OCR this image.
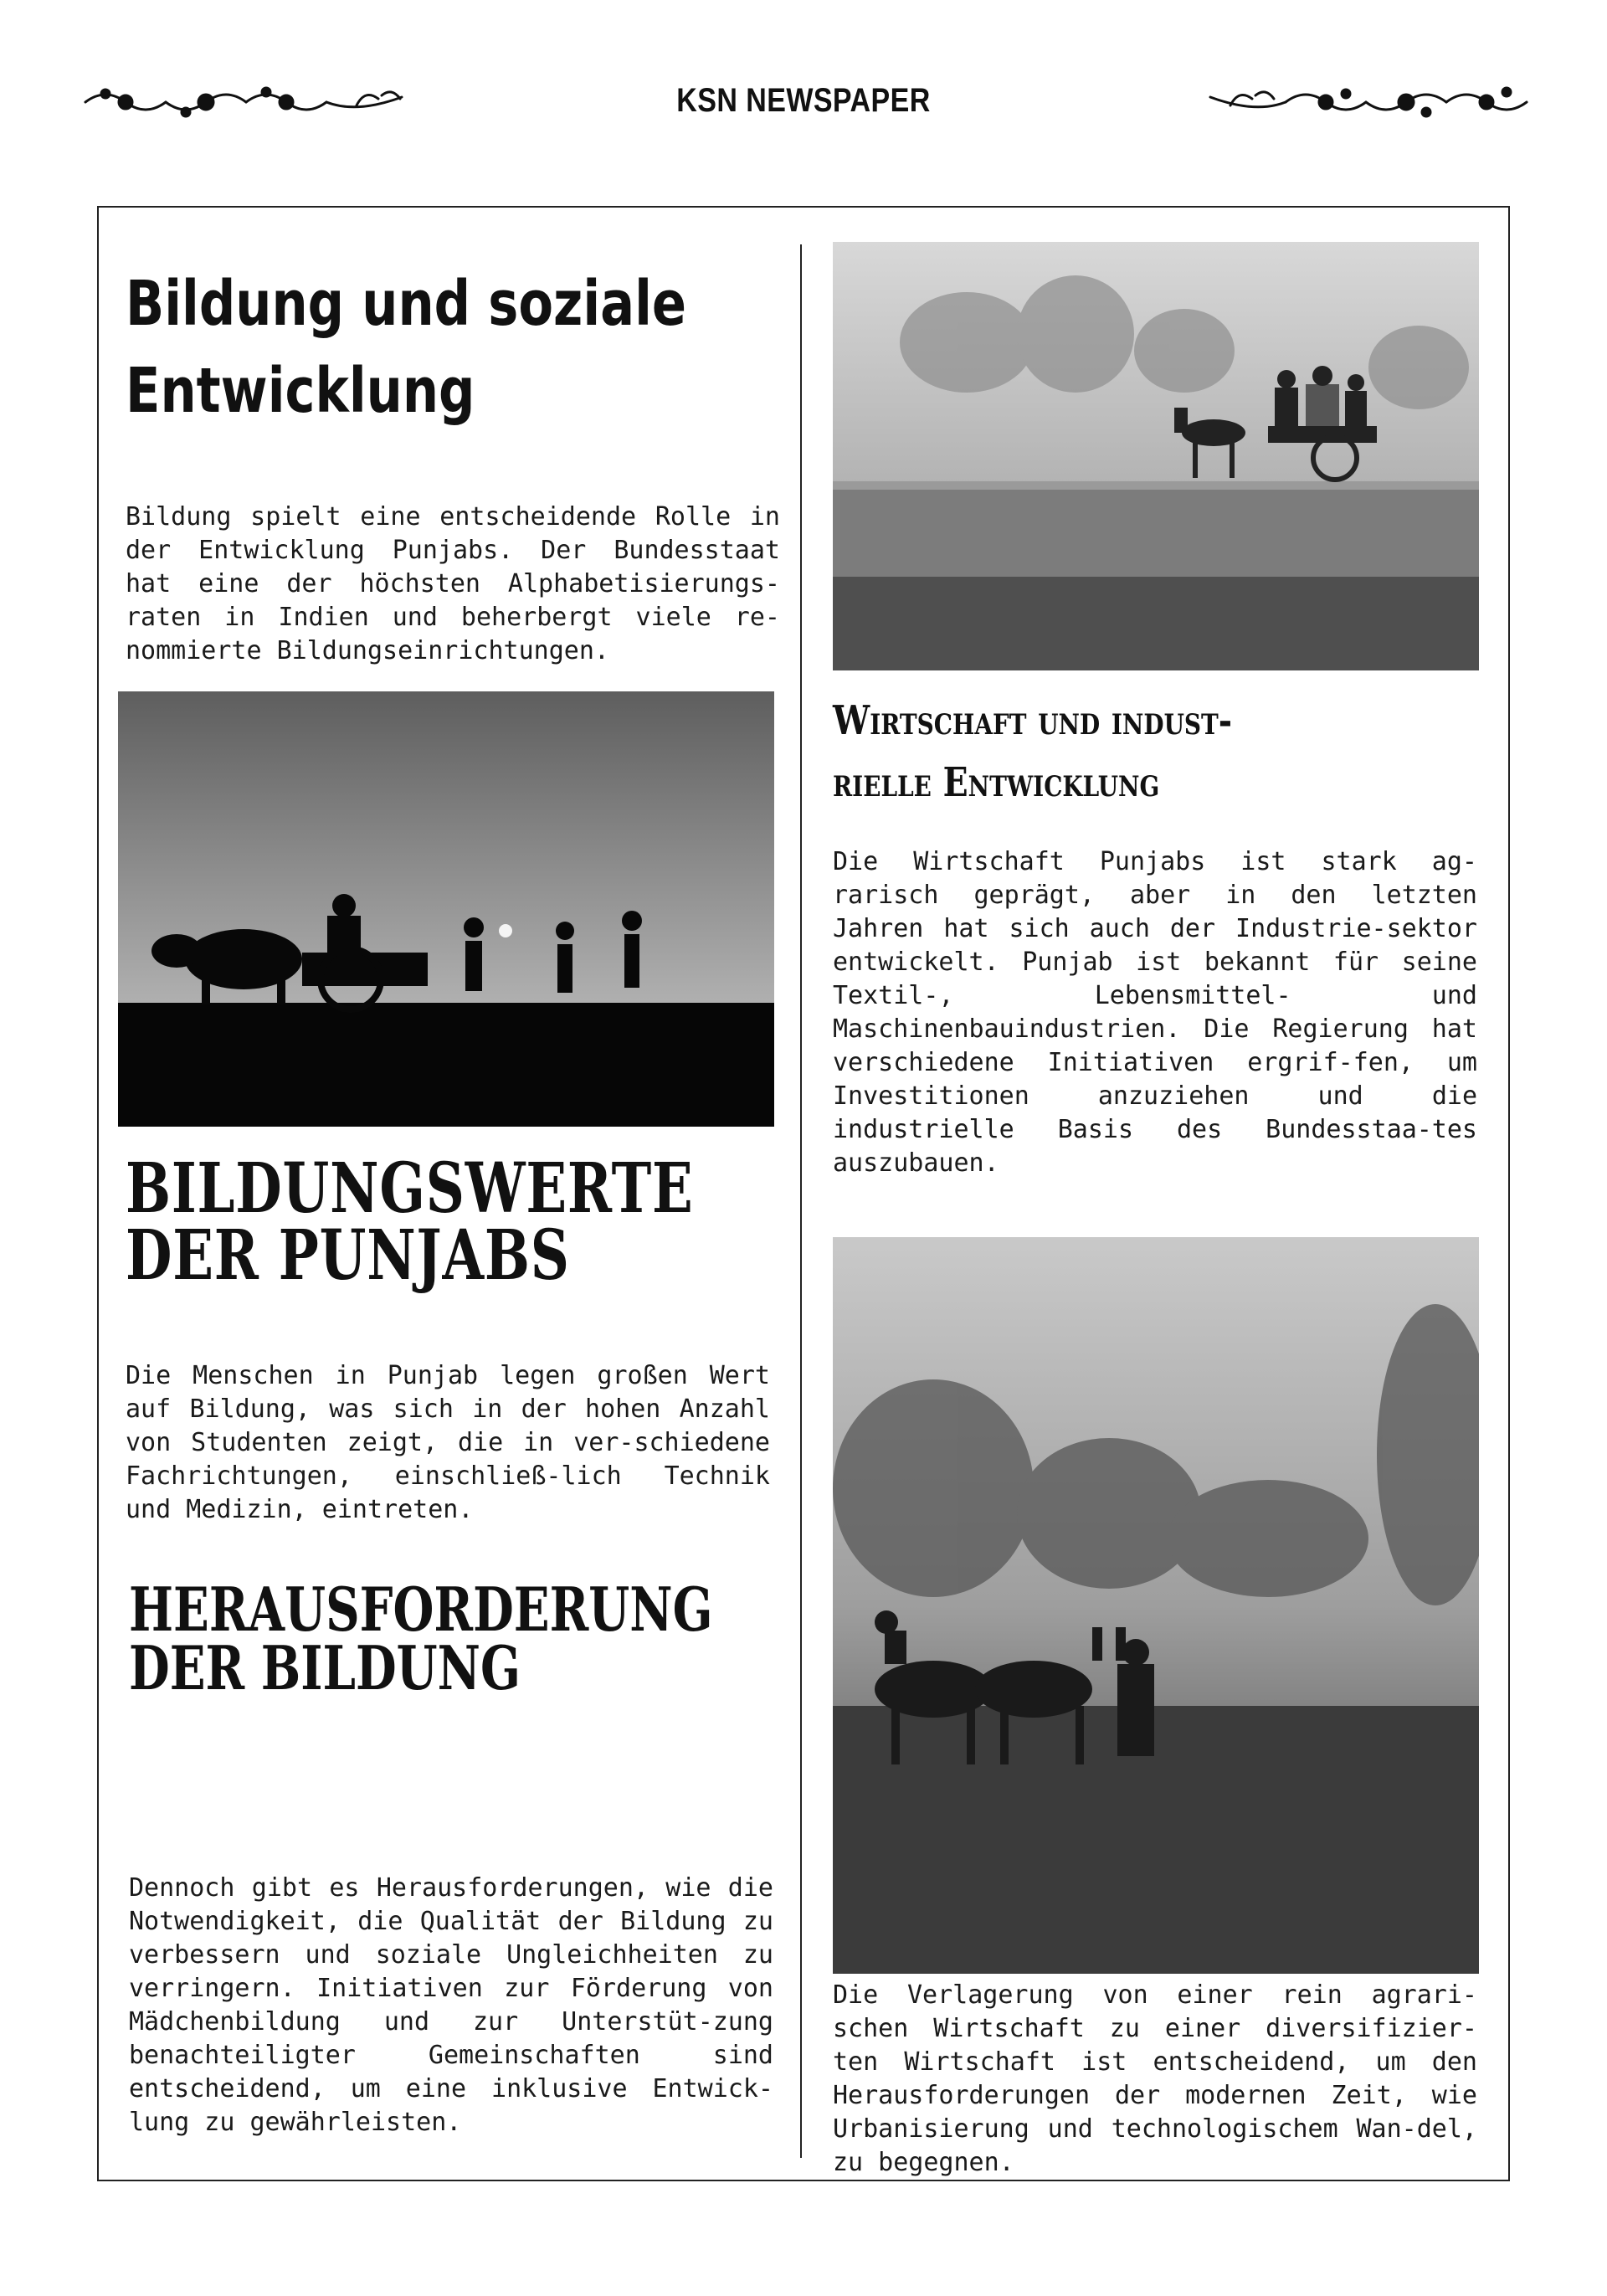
KSN NEWSPAPER
Bildung und soziale
Entwicklung
Bildung spielt eine entscheidende Rolle in der Entwicklung Punjabs. Der Bundesstaat hat eine der höchsten Alphabetisierungs-raten in Indien und beherbergt viele re-nommierte Bildungseinrichtungen.
BILDUNGSWERTE
DER PUNJABS
Die Menschen in Punjab legen großen Wert auf Bildung, was sich in der hohen Anzahl von Studenten zeigt, die in ver-schiedene Fachrichtungen, einschließ-lich Technik und Medizin, eintreten.
HERAUSFORDERUNG
DER BILDUNG
Dennoch gibt es Herausforderungen, wie die Notwendigkeit, die Qualität der Bildung zu verbessern und soziale Ungleichheiten zu verringern. Initiativen zur Förderung von Mädchenbildung und zur Unterstüt-zung benachteiligter Gemeinschaften sind entscheidend, um eine inklusive Entwick-lung zu gewährleisten.
Wirtschaft und indust-
rielle Entwicklung
Die Wirtschaft Punjabs ist stark ag-rarisch geprägt, aber in den letzten Jahren hat sich auch der Industrie-sektor entwickelt. Punjab ist bekannt für seine Textil-, Lebensmittel- und Maschinenbauindustrien. Die Regierung hat verschiedene Initiativen ergrif-fen, um Investitionen anzuziehen und die industrielle Basis des Bundesstaa-tes auszubauen.
Die Verlagerung von einer rein agrari-schen Wirtschaft zu einer diversifizier-ten Wirtschaft ist entscheidend, um den Herausforderungen der modernen Zeit, wie Urbanisierung und technologischem Wan-del, zu begegnen.
